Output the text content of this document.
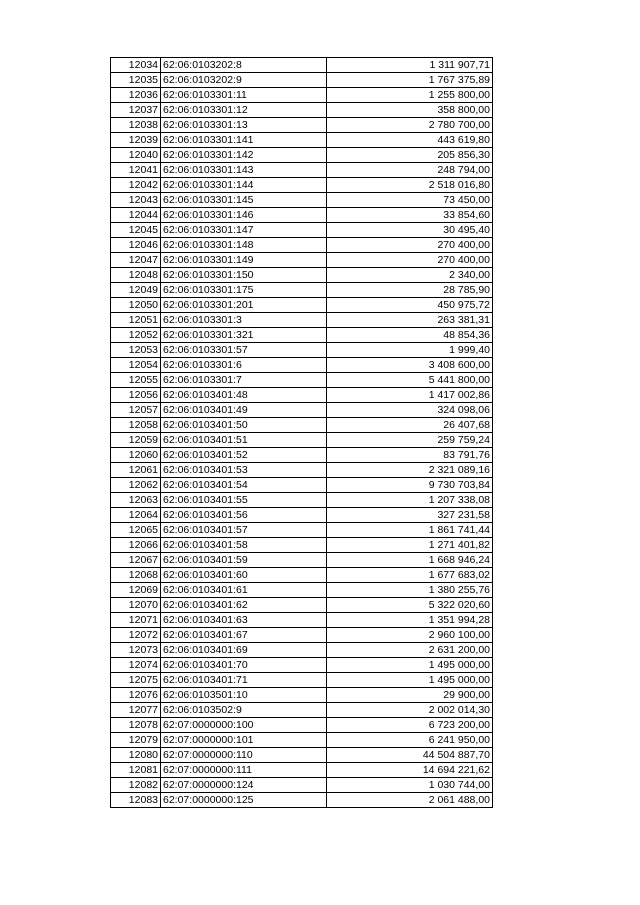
12034	62:06:0103202:8	1 311 907,71
12035	62:06:0103202:9	1 767 375,89
12036	62:06:0103301:11	1 255 800,00
12037	62:06:0103301:12	358 800,00
12038	62:06:0103301:13	2 780 700,00
12039	62:06:0103301:141	443 619,80
12040	62:06:0103301:142	205 856,30
12041	62:06:0103301:143	248 794,00
12042	62:06:0103301:144	2 518 016,80
12043	62:06:0103301:145	73 450,00
12044	62:06:0103301:146	33 854,60
12045	62:06:0103301:147	30 495,40
12046	62:06:0103301:148	270 400,00
12047	62:06:0103301:149	270 400,00
12048	62:06:0103301:150	2 340,00
12049	62:06:0103301:175	28 785,90
12050	62:06:0103301:201	450 975,72
12051	62:06:0103301:3	263 381,31
12052	62:06:0103301:321	48 854,36
12053	62:06:0103301:57	1 999,40
12054	62:06:0103301:6	3 408 600,00
12055	62:06:0103301:7	5 441 800,00
12056	62:06:0103401:48	1 417 002,86
12057	62:06:0103401:49	324 098,06
12058	62:06:0103401:50	26 407,68
12059	62:06:0103401:51	259 759,24
12060	62:06:0103401:52	83 791,76
12061	62:06:0103401:53	2 321 089,16
12062	62:06:0103401:54	9 730 703,84
12063	62:06:0103401:55	1 207 338,08
12064	62:06:0103401:56	327 231,58
12065	62:06:0103401:57	1 861 741,44
12066	62:06:0103401:58	1 271 401,82
12067	62:06:0103401:59	1 668 946,24
12068	62:06:0103401:60	1 677 683,02
12069	62:06:0103401:61	1 380 255,76
12070	62:06:0103401:62	5 322 020,60
12071	62:06:0103401:63	1 351 994,28
12072	62:06:0103401:67	2 960 100,00
12073	62:06:0103401:69	2 631 200,00
12074	62:06:0103401:70	1 495 000,00
12075	62:06:0103401:71	1 495 000,00
12076	62:06:0103501:10	29 900,00
12077	62:06:0103502:9	2 002 014,30
12078	62:07:0000000:100	6 723 200,00
12079	62:07:0000000:101	6 241 950,00
12080	62:07:0000000:110	44 504 887,70
12081	62:07:0000000:111	14 694 221,62
12082	62:07:0000000:124	1 030 744,00
12083	62:07:0000000:125	2 061 488,00
